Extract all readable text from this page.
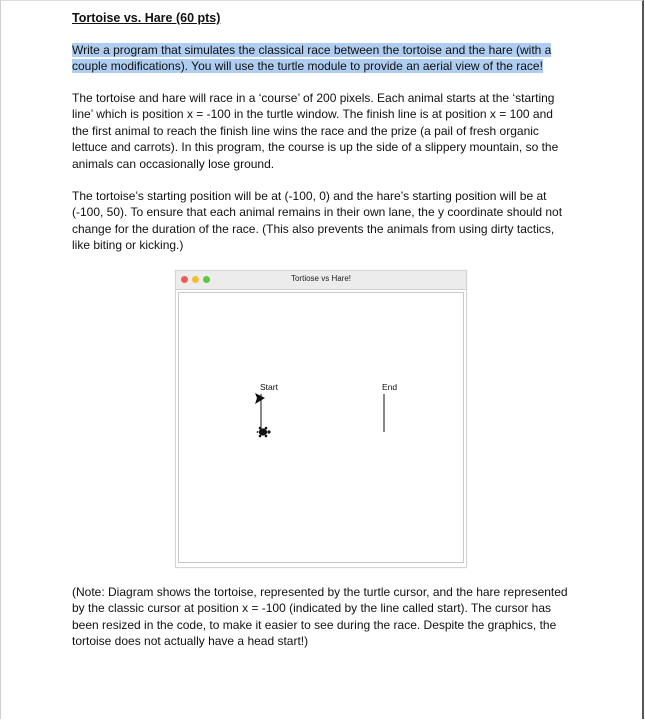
Tortoise vs. Hare (60 pts)
Write a program that simulates the classical race between the tortoise and the hare (with a couple modifications). You will use the turtle module to provide an aerial view of the race!

The tortoise and hare will race in a ‘course’ of 200 pixels. Each animal starts at the ‘starting line’ which is position x = -100 in the turtle window. The finish line is at position x = 100 and the first animal to reach the finish line wins the race and the prize (a pail of fresh organic lettuce and carrots). In this program, the course is up the side of a slippery mountain, so the animals can occasionally lose ground.

The tortoise’s starting position will be at (-100, 0) and the hare’s starting position will be at (-100, 50). To ensure that each animal remains in their own lane, the y coordinate should not change for the duration of the race. (This also prevents the animals from using dirty tactics, like biting or kicking.)

Tortiose vs Hare!
Start	End

(Note: Diagram shows the tortoise, represented by the turtle cursor, and the hare represented by the classic cursor at position x = -100 (indicated by the line called start). The cursor has been resized in the code, to make it easier to see during the race. Despite the graphics, the tortoise does not actually have a head start!)
